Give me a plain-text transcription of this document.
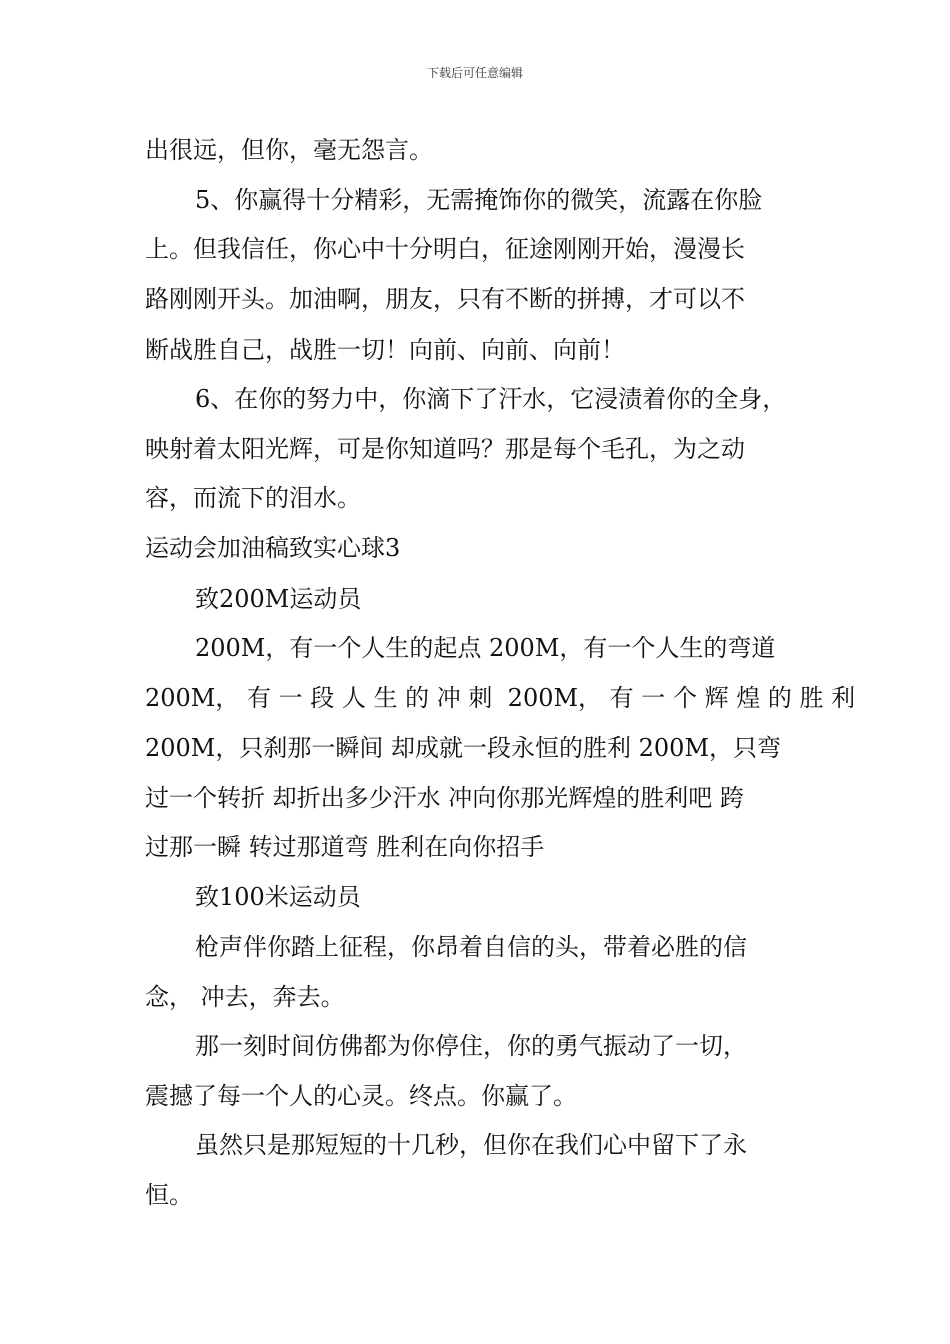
下载后可任意编辑

出很远，但你，毫无怨言。

5、你赢得十分精彩，无需掩饰你的微笑，流露在你脸

上。但我信任，你心中十分明白，征途刚刚开始，漫漫长

路刚刚开头。加油啊，朋友，只有不断的拼搏，才可以不

断战胜自己，战胜一切！向前、向前、向前！

6、在你的努力中，你滴下了汗水，它浸渍着你的全身，

映射着太阳光辉，可是你知道吗？那是每个毛孔，为之动

容，而流下的泪水。

运动会加油稿致实心球3

致200M运动员

200M，有一个人生的起点 200M，有一个人生的弯道

200M， 有 一 段 人 生 的 冲 刺  200M， 有 一 个 辉 煌 的 胜 利

200M，只刹那一瞬间 却成就一段永恒的胜利 200M，只弯

过一个转折 却折出多少汗水 冲向你那光辉煌的胜利吧 跨

过那一瞬 转过那道弯 胜利在向你招手

致100米运动员

枪声伴你踏上征程，你昂着自信的头，带着必胜的信

念， 冲去，奔去。

那一刻时间仿佛都为你停住，你的勇气振动了一切，

震撼了每一个人的心灵。终点。你赢了。

虽然只是那短短的十几秒，但你在我们心中留下了永

恒。
